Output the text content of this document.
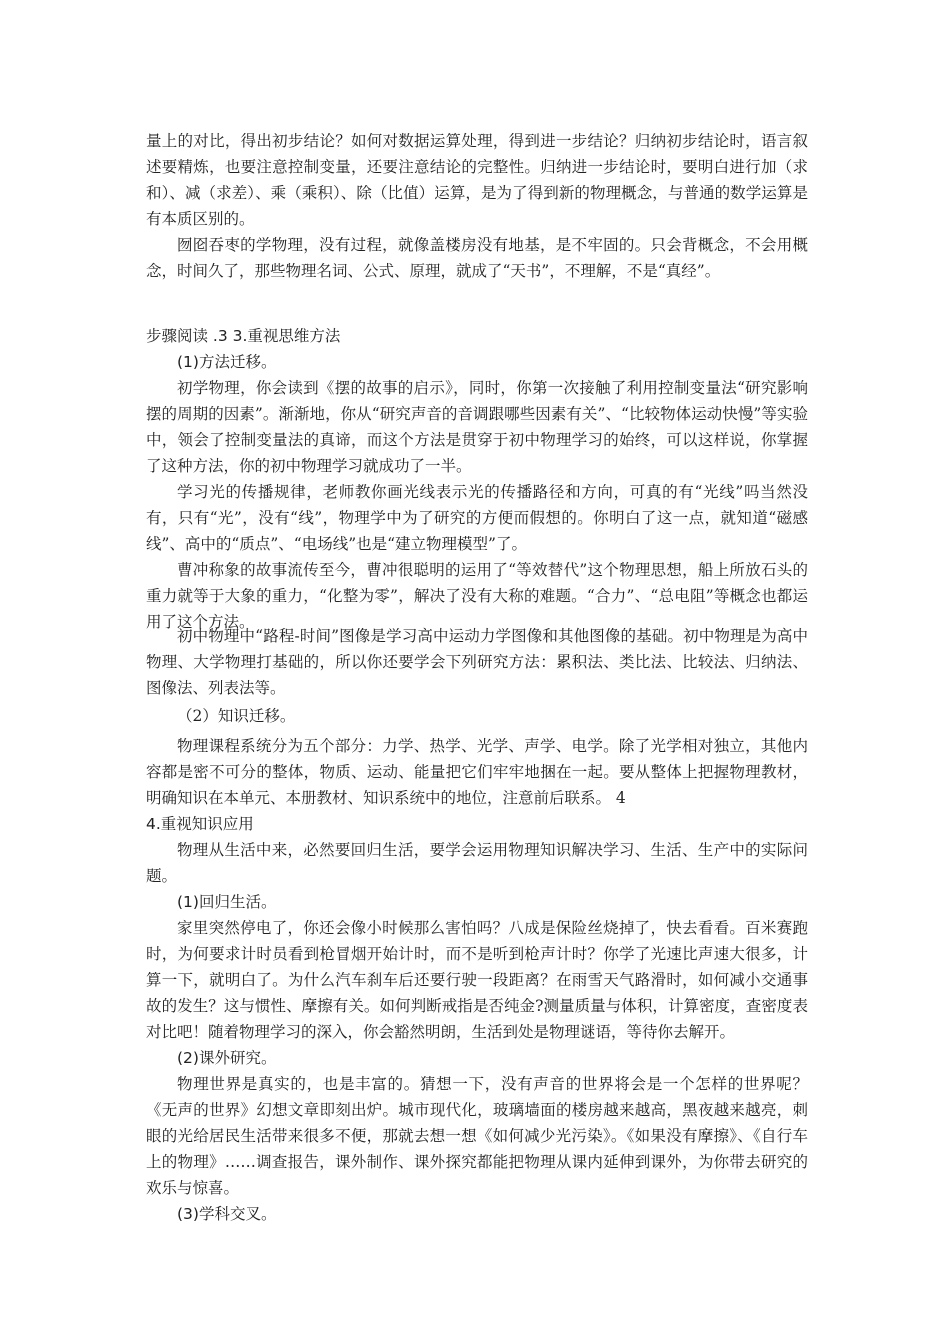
量上的对比，得出初步结论？如何对数据运算处理，得到进一步结论？归纳初步结论时，语言叙述要精炼，也要注意控制变量，还要注意结论的完整性。归纳进一步结论时，要明白进行加（求和）、减（求差）、乘（乘积）、除（比值）运算，是为了得到新的物理概念，与普通的数学运算是有本质区别的。

囫囵吞枣的学物理，没有过程，就像盖楼房没有地基，是不牢固的。只会背概念，不会用概念，时间久了，那些物理名词、公式、原理，就成了“天书”，不理解，不是“真经”。

步骤阅读 .3 3.重视思维方法

(1)方法迁移。

初学物理，你会读到《摆的故事的启示》，同时，你第一次接触了利用控制变量法“研究影响摆的周期的因素”。渐渐地，你从“研究声音的音调跟哪些因素有关”、“比较物体运动快慢”等实验中，领会了控制变量法的真谛，而这个方法是贯穿于初中物理学习的始终，可以这样说，你掌握了这种方法，你的初中物理学习就成功了一半。

学习光的传播规律，老师教你画光线表示光的传播路径和方向，可真的有“光线”吗当然没有，只有“光”，没有“线”，物理学中为了研究的方便而假想的。你明白了这一点，就知道“磁感线”、高中的“质点”、“电场线”也是“建立物理模型”了。

曹冲称象的故事流传至今，曹冲很聪明的运用了“等效替代”这个物理思想，船上所放石头的重力就等于大象的重力，“化整为零”，解决了没有大称的难题。“合力”、“总电阻”等概念也都运用了这个方法。

初中物理中“路程-时间”图像是学习高中运动力学图像和其他图像的基础。初中物理是为高中物理、大学物理打基础的，所以你还要学会下列研究方法：累积法、类比法、比较法、归纳法、图像法、列表法等。

（2）知识迁移。

物理课程系统分为五个部分：力学、热学、光学、声学、电学。除了光学相对独立，其他内容都是密不可分的整体，物质、运动、能量把它们牢牢地捆在一起。要从整体上把握物理教材，明确知识在本单元、本册教材、知识系统中的地位，注意前后联系。 4

4.重视知识应用

物理从生活中来，必然要回归生活，要学会运用物理知识解决学习、生活、生产中的实际问题。

(1)回归生活。

家里突然停电了，你还会像小时候那么害怕吗？八成是保险丝烧掉了，快去看看。百米赛跑时，为何要求计时员看到枪冒烟开始计时，而不是听到枪声计时？你学了光速比声速大很多，计算一下，就明白了。为什么汽车刹车后还要行驶一段距离？在雨雪天气路滑时，如何减小交通事故的发生？这与惯性、摩擦有关。如何判断戒指是否纯金?测量质量与体积，计算密度，查密度表对比吧！随着物理学习的深入，你会豁然明朗，生活到处是物理谜语，等待你去解开。

(2)课外研究。

物理世界是真实的，也是丰富的。猜想一下，没有声音的世界将会是一个怎样的世界呢？《无声的世界》幻想文章即刻出炉。城市现代化，玻璃墙面的楼房越来越高，黑夜越来越亮，刺眼的光给居民生活带来很多不便，那就去想一想《如何减少光污染》。《如果没有摩擦》、《自行车上的物理》……调查报告，课外制作、课外探究都能把物理从课内延伸到课外，为你带去研究的欢乐与惊喜。

(3)学科交叉。
